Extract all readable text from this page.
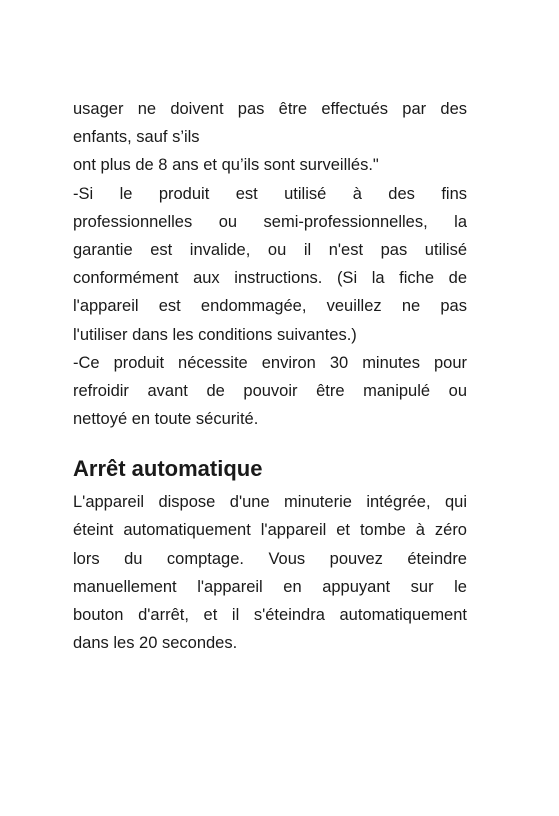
usager ne doivent pas être effectués par des
enfants, sauf s’ils
ont plus de 8 ans et qu’ils sont surveillés."
-Si le produit est utilisé à des fins
professionnelles ou semi-professionnelles, la
garantie est invalide, ou il n'est pas utilisé
conformément aux instructions. (Si la fiche de
l'appareil est endommagée, veuillez ne pas
l'utiliser dans les conditions suivantes.)
-Ce produit nécessite environ 30 minutes pour
refroidir avant de pouvoir être manipulé ou
nettoyé en toute sécurité.
Arrêt automatique
L'appareil dispose d'une minuterie intégrée, qui
éteint automatiquement l'appareil et tombe à zéro
lors du comptage. Vous pouvez éteindre
manuellement l'appareil en appuyant sur le
bouton d'arrêt, et il s'éteindra automatiquement
dans les 20 secondes.
